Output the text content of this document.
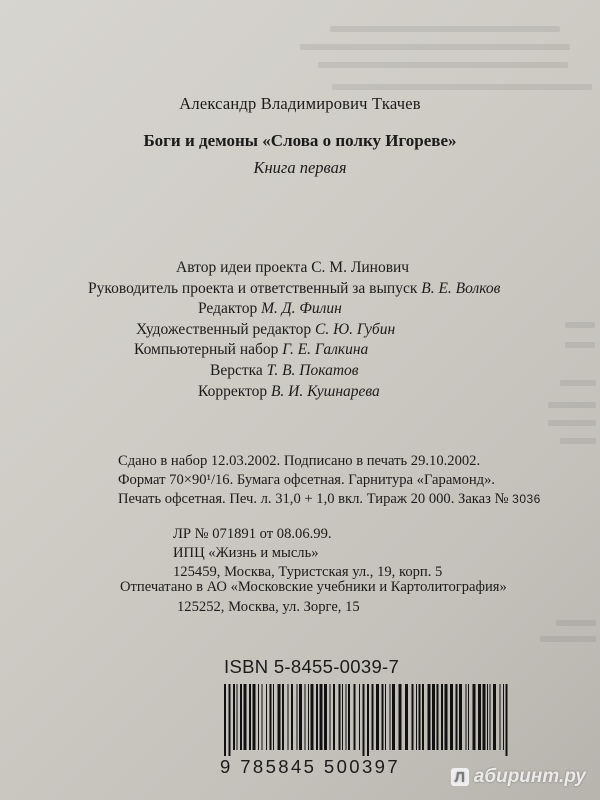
Александр Владимирович Ткачев
Боги и демоны «Слова о полку Игореве»
Книга первая
Автор идеи проекта С. М. Линович
Руководитель проекта и ответственный за выпуск В. Е. Волков
Редактор М. Д. Филин
Художественный редактор С. Ю. Губин
Компьютерный набор Г. Е. Галкина
Верстка Т. В. Покатов
Корректор В. И. Кушнарева
Сдано в набор 12.03.2002. Подписано в печать 29.10.2002.
Формат 70×90¹/16. Бумага офсетная. Гарнитура «Гарамонд».
Печать офсетная. Печ. л. 31,0 + 1,0 вкл. Тираж 20 000. Заказ № 3036
ЛР № 071891 от 08.06.99.
ИПЦ «Жизнь и мысль»
125459, Москва, Туристская ул., 19, корп. 5
Отпечатано в АО «Московские учебники и Картолитография»
125252, Москва, ул. Зорге, 15
ISBN 5-8455-0039-7
9 785845 500397	Л абиринт.ру
